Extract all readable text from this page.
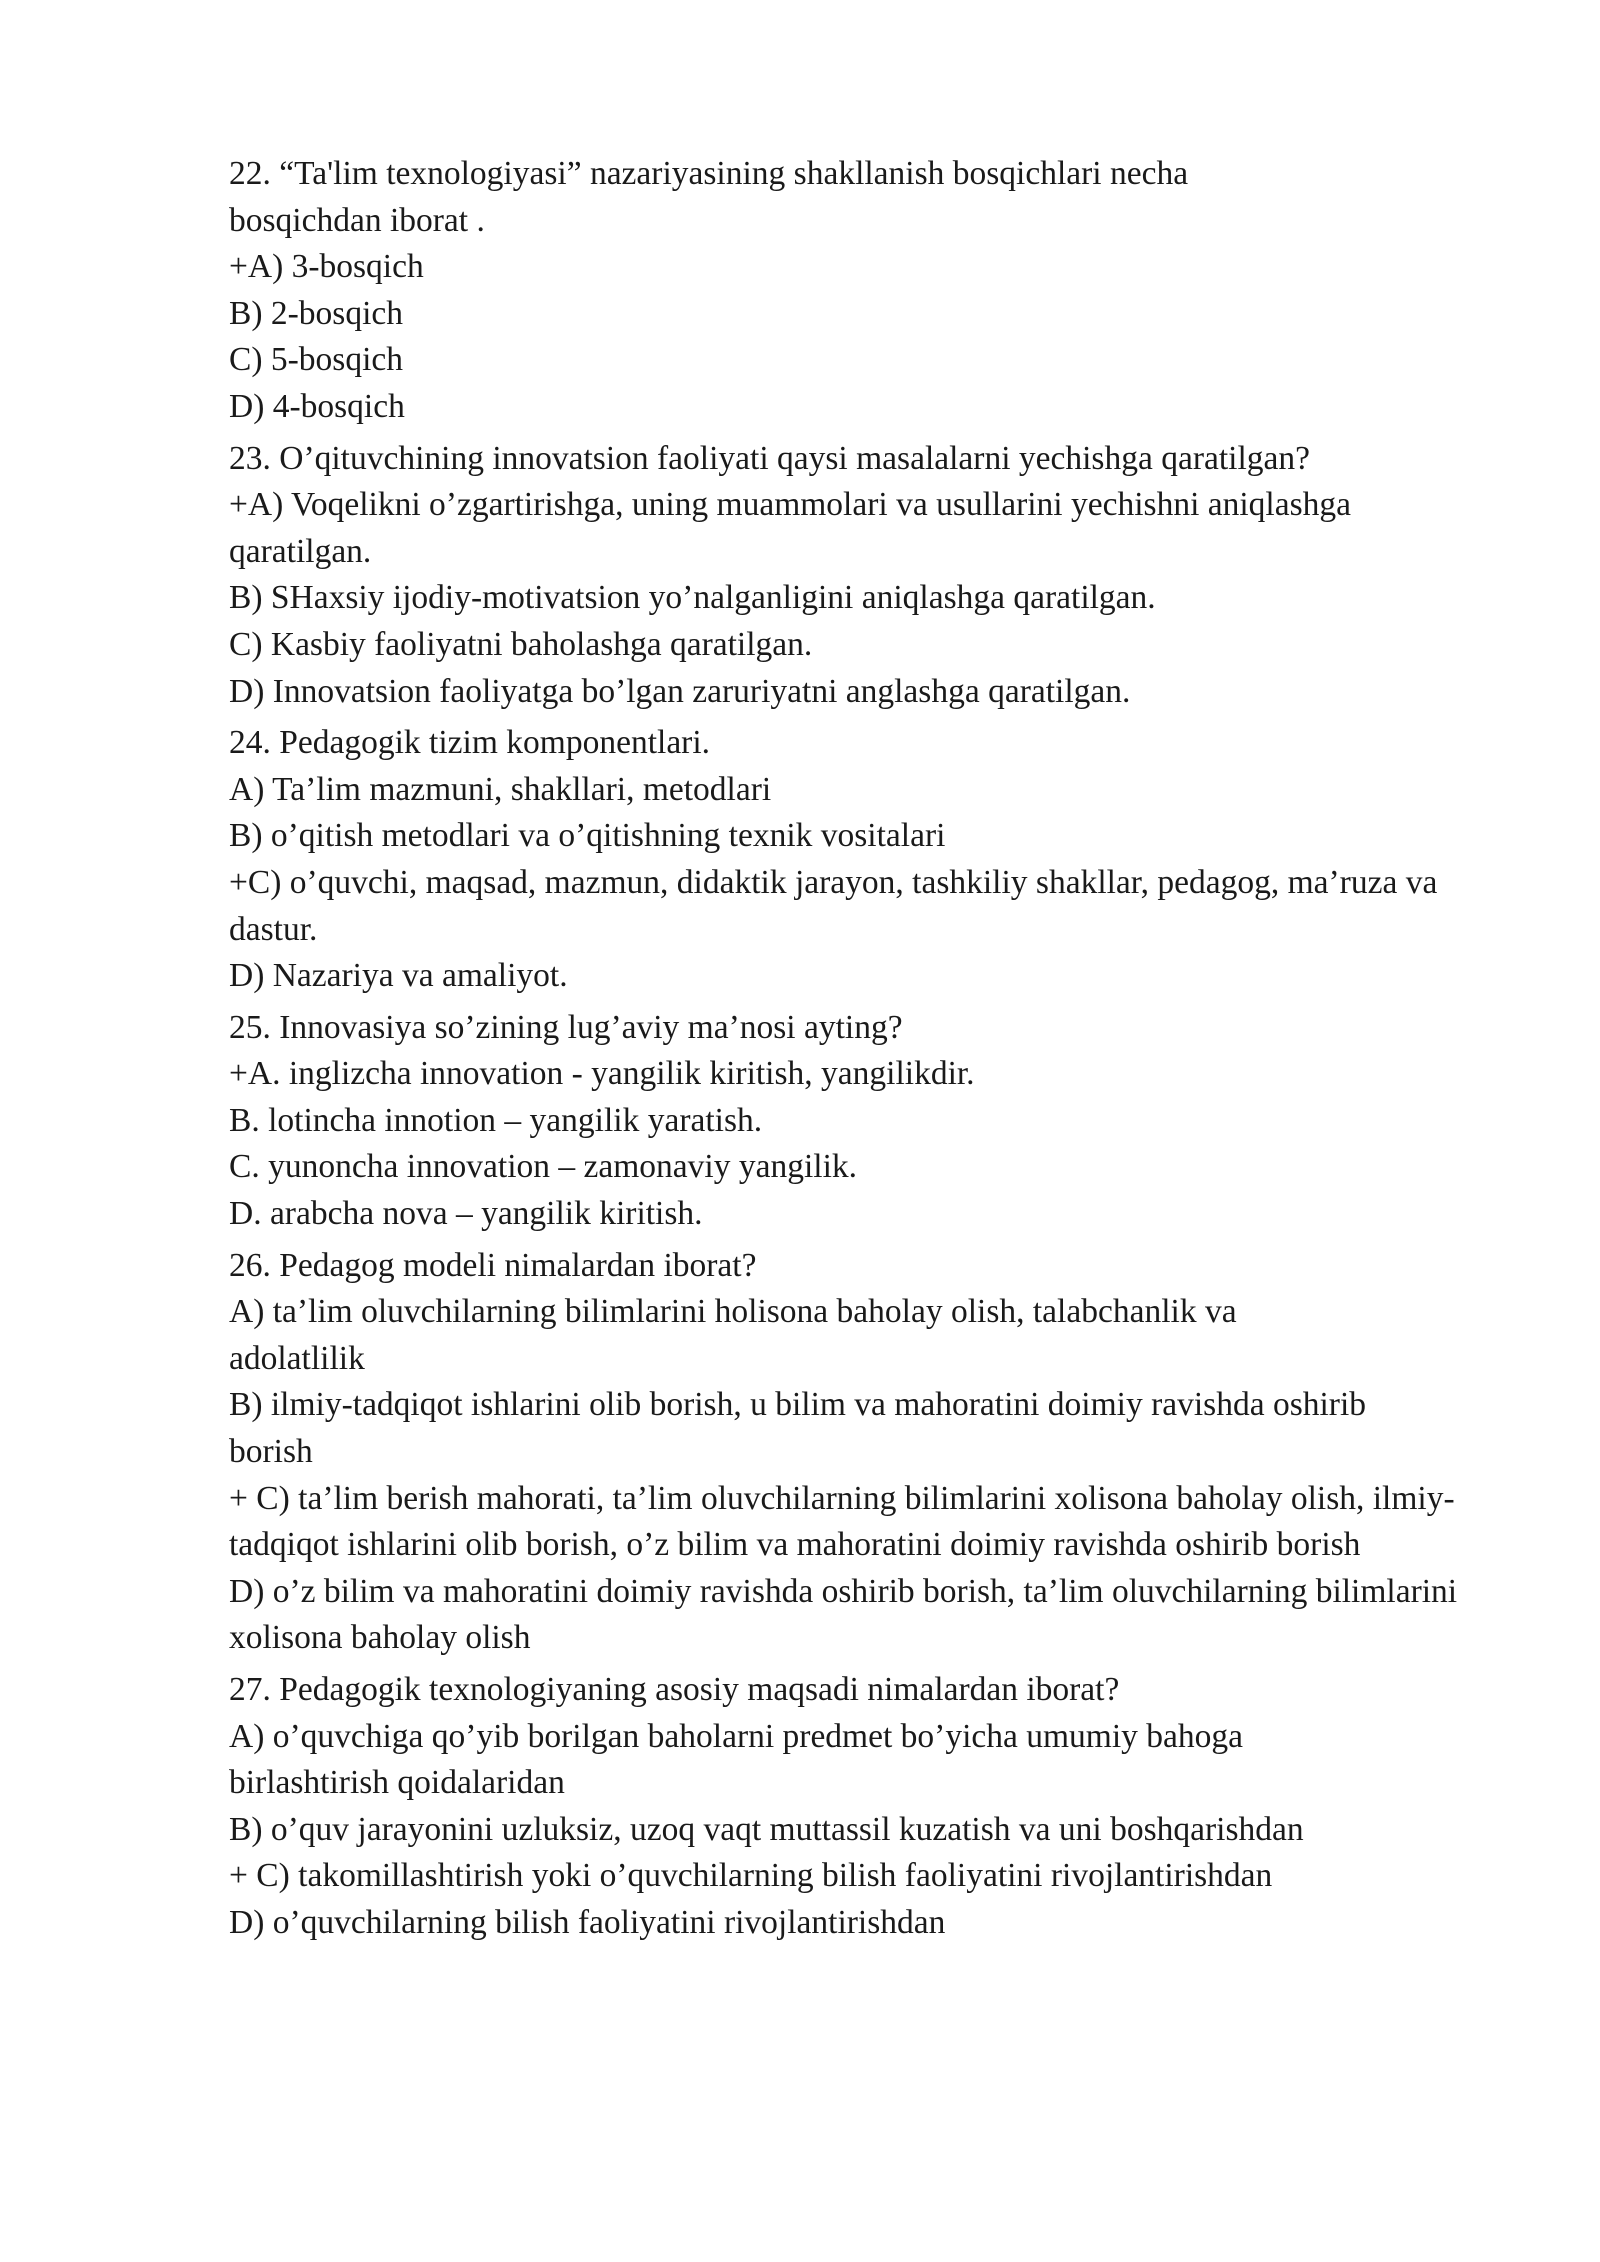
22. “Ta'lim texnologiyasi” nazariyasining shakllanish bosqichlari necha bosqichdan iborat .

+A) 3-bosqich

B) 2-bosqich

C) 5-bosqich

D) 4-bosqich

23. O’qituvchining innovatsion faoliyati qaysi masalalarni yechishga qaratilgan?

+A) Voqelikni o’zgartirishga, uning muammolari va usullarini yechishni aniqlashga qaratilgan.

B) SHaxsiy ijodiy-motivatsion yo’nalganligini aniqlashga qaratilgan.

C) Kasbiy faoliyatni baholashga qaratilgan.

D) Innovatsion faoliyatga bo’lgan zaruriyatni anglashga qaratilgan.

24. Pedagogik tizim komponentlari.

A) Ta’lim mazmuni, shakllari, metodlari

B) o’qitish metodlari va o’qitishning texnik vositalari

+C) o’quvchi, maqsad, mazmun, didaktik jarayon, tashkiliy shakllar, pedagog, ma’ruza va dastur.

D) Nazariya va amaliyot.

25. Innovasiya so’zining lug’aviy ma’nosi ayting?

+A. inglizcha innovation - yangilik kiritish, yangilikdir.

B. lotincha innotion – yangilik yaratish.

C. yunoncha innovation – zamonaviy yangilik.

D. arabcha nova – yangilik kiritish.

26. Pedagog modeli nimalardan iborat?

A) ta’lim oluvchilarning bilimlarini holisona baholay olish, talabchanlik va adolatlilik

B) ilmiy-tadqiqot ishlarini olib borish, u bilim va mahoratini doimiy ravishda oshirib borish

+ C) ta’lim berish mahorati, ta’lim oluvchilarning bilimlarini xolisona baholay olish, ilmiy-tadqiqot ishlarini olib borish, o’z bilim va mahoratini doimiy ravishda oshirib borish

D) o’z bilim va mahoratini doimiy ravishda oshirib borish, ta’lim oluvchilarning bilimlarini xolisona baholay olish

27. Pedagogik texnologiyaning asosiy maqsadi nimalardan iborat?

A) o’quvchiga qo’yib borilgan baholarni predmet bo’yicha umumiy bahoga birlashtirish qoidalaridan

B) o’quv jarayonini uzluksiz, uzoq vaqt muttassil kuzatish va uni boshqarishdan

+ C) takomillashtirish yoki o’quvchilarning bilish faoliyatini rivojlantirishdan

D) o’quvchilarning bilish faoliyatini rivojlantirishdan
